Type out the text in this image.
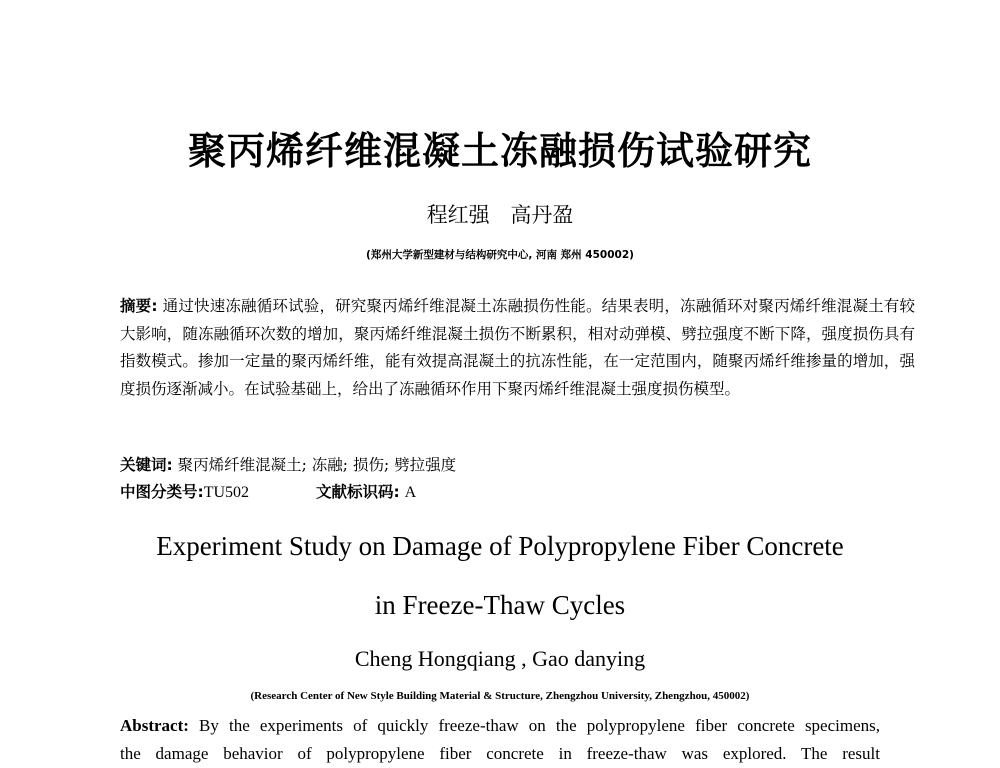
聚丙烯纤维混凝土冻融损伤试验研究
程红强 高丹盈
(郑州大学新型建材与结构研究中心, 河南 郑州 450002)
摘要: 通过快速冻融循环试验，研究聚丙烯纤维混凝土冻融损伤性能。结果表明，冻融循环对聚丙烯纤维混凝土有较大影响，随冻融循环次数的增加，聚丙烯纤维混凝土损伤不断累积，相对动弹模、劈拉强度不断下降，强度损伤具有指数模式。掺加一定量的聚丙烯纤维，能有效提高混凝土的抗冻性能，在一定范围内，随聚丙烯纤维掺量的增加，强度损伤逐渐减小。在试验基础上，给出了冻融循环作用下聚丙烯纤维混凝土强度损伤模型。
关键词: 聚丙烯纤维混凝土; 冻融; 损伤; 劈拉强度
中图分类号:TU502	文献标识码: A
Experiment Study on Damage of Polypropylene Fiber Concrete
in Freeze-Thaw Cycles
Cheng Hongqiang , Gao danying
(Research Center of New Style Building Material & Structure, Zhengzhou University, Zhengzhou, 450002)
Abstract: By the experiments of quickly freeze-thaw on the polypropylene fiber concrete specimens,
the damage behavior of polypropylene fiber concrete in freeze-thaw was explored. The result
